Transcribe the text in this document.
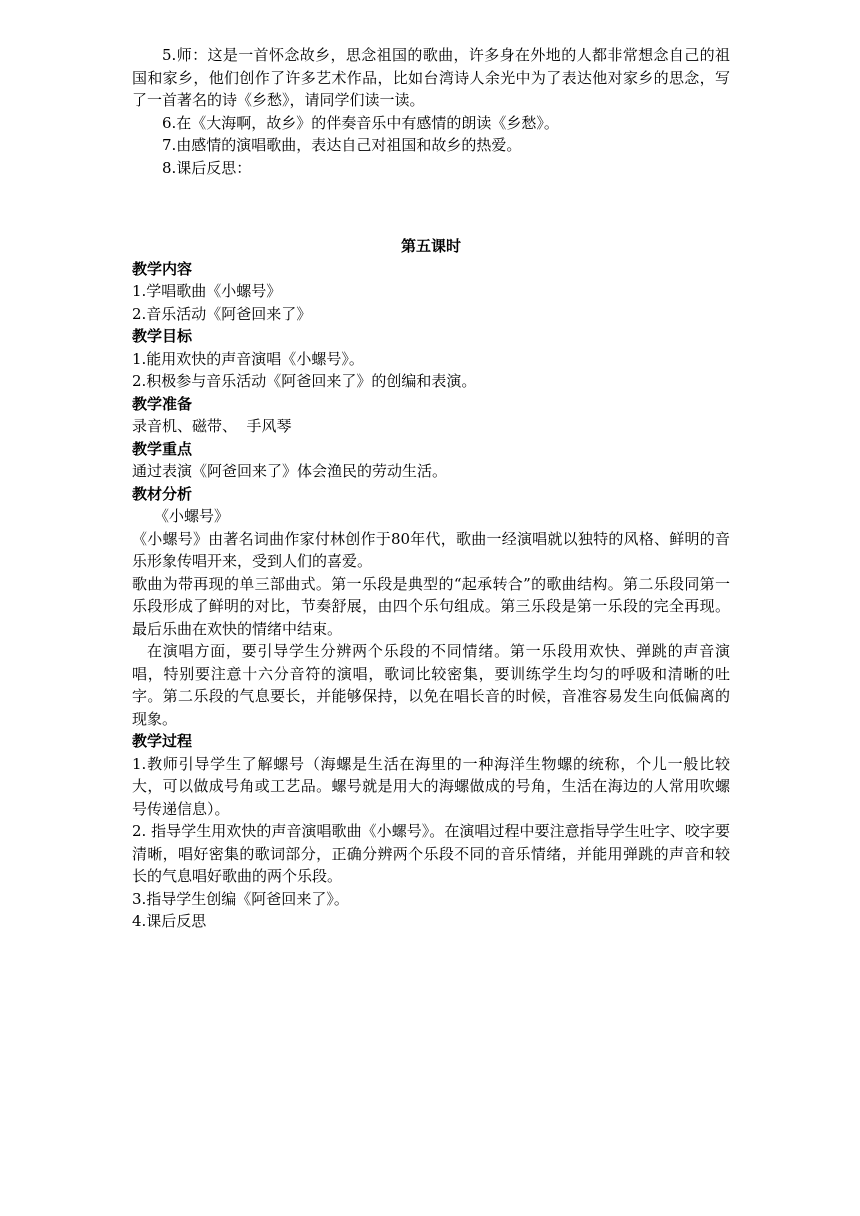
5.师：这是一首怀念故乡，思念祖国的歌曲，许多身在外地的人都非常想念自己的祖国和家乡，他们创作了许多艺术作品，比如台湾诗人余光中为了表达他对家乡的思念，写了一首著名的诗《乡愁》，请同学们读一读。

6.在《大海啊，故乡》的伴奏音乐中有感情的朗读《乡愁》。

7.由感情的演唱歌曲，表达自己对祖国和故乡的热爱。

8.课后反思：

第五课时

教学内容

1.学唱歌曲《小螺号》

2.音乐活动《阿爸回来了》

教学目标

1.能用欢快的声音演唱《小螺号》。

2.积极参与音乐活动《阿爸回来了》的创编和表演。

教学准备

录音机、磁带、  手风琴

教学重点

通过表演《阿爸回来了》体会渔民的劳动生活。

教材分析

《小螺号》

《小螺号》由著名词曲作家付林创作于80年代，歌曲一经演唱就以独特的风格、鲜明的音乐形象传唱开来，受到人们的喜爱。

歌曲为带再现的单三部曲式。第一乐段是典型的“起承转合”的歌曲结构。第二乐段同第一乐段形成了鲜明的对比，节奏舒展，由四个乐句组成。第三乐段是第一乐段的完全再现。最后乐曲在欢快的情绪中结束。

在演唱方面，要引导学生分辨两个乐段的不同情绪。第一乐段用欢快、弹跳的声音演唱，特别要注意十六分音符的演唱，歌词比较密集，要训练学生均匀的呼吸和清晰的吐字。第二乐段的气息要长，并能够保持，以免在唱长音的时候，音准容易发生向低偏离的现象。

教学过程

1.教师引导学生了解螺号（海螺是生活在海里的一种海洋生物螺的统称，个儿一般比较大，可以做成号角或工艺品。螺号就是用大的海螺做成的号角，生活在海边的人常用吹螺号传递信息）。

2. 指导学生用欢快的声音演唱歌曲《小螺号》。在演唱过程中要注意指导学生吐字、咬字要清晰，唱好密集的歌词部分，正确分辨两个乐段不同的音乐情绪，并能用弹跳的声音和较长的气息唱好歌曲的两个乐段。

3.指导学生创编《阿爸回来了》。

4.课后反思
